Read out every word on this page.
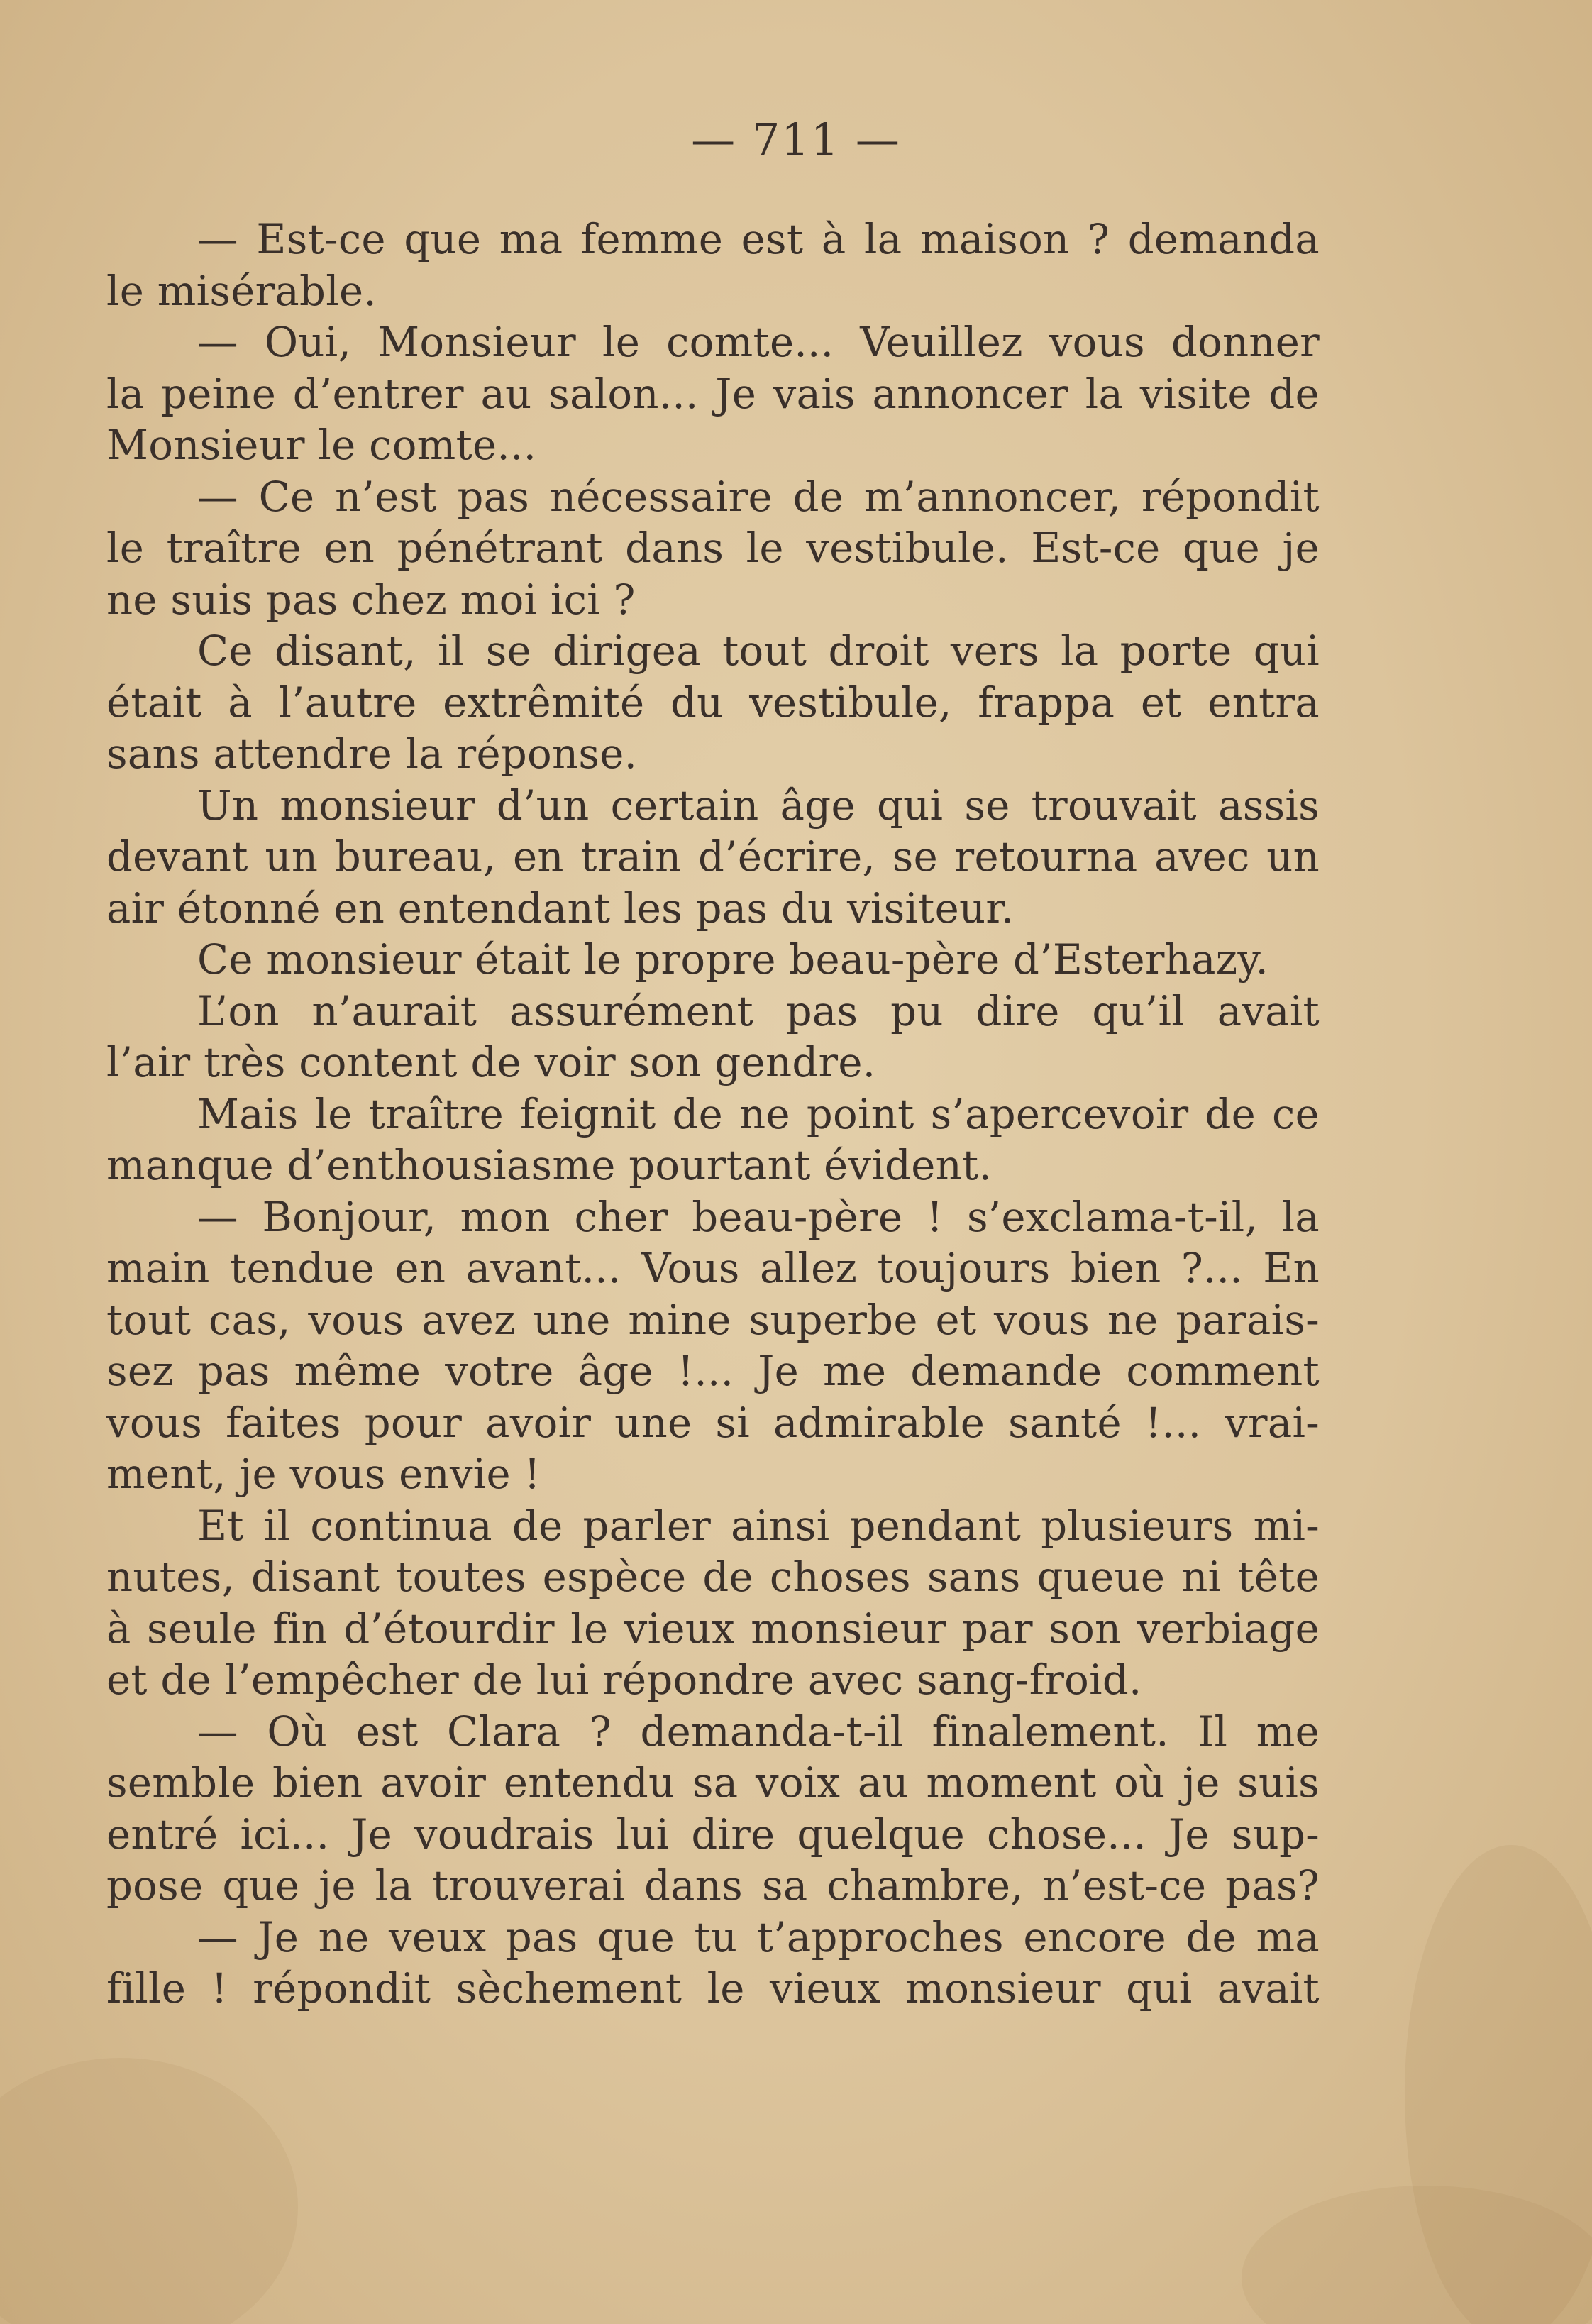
— 711 —
— Est-ce que ma femme est à la maison ? demanda
le misérable.
— Oui, Monsieur le comte... Veuillez vous donner
la peine d’entrer au salon... Je vais annoncer la visite de
Monsieur le comte...
— Ce n’est pas nécessaire de m’annoncer, répondit
le traître en pénétrant dans le vestibule. Est-ce que je
ne suis pas chez moi ici ?
Ce disant, il se dirigea tout droit vers la porte qui
était à l’autre extrêmité du vestibule, frappa et entra
sans attendre la réponse.
Un monsieur d’un certain âge qui se trouvait assis
devant un bureau, en train d’écrire, se retourna avec un
air étonné en entendant les pas du visiteur.
Ce monsieur était le propre beau-père d’Esterhazy.
L’on n’aurait assurément pas pu dire qu’il avait
l’air très content de voir son gendre.
Mais le traître feignit de ne point s’apercevoir de ce
manque d’enthousiasme pourtant évident.
— Bonjour, mon cher beau-père ! s’exclama-t-il, la
main tendue en avant... Vous allez toujours bien ?... En
tout cas, vous avez une mine superbe et vous ne parais-
sez pas même votre âge !... Je me demande comment
vous faites pour avoir une si admirable santé !... vrai-
ment, je vous envie !
Et il continua de parler ainsi pendant plusieurs mi-
nutes, disant toutes espèce de choses sans queue ni tête
à seule fin d’étourdir le vieux monsieur par son verbiage
et de l’empêcher de lui répondre avec sang-froid.
— Où est Clara ? demanda-t-il finalement. Il me
semble bien avoir entendu sa voix au moment où je suis
entré ici... Je voudrais lui dire quelque chose... Je sup-
pose que je la trouverai dans sa chambre, n’est-ce pas?
— Je ne veux pas que tu t’approches encore de ma
fille ! répondit sèchement le vieux monsieur qui avait
